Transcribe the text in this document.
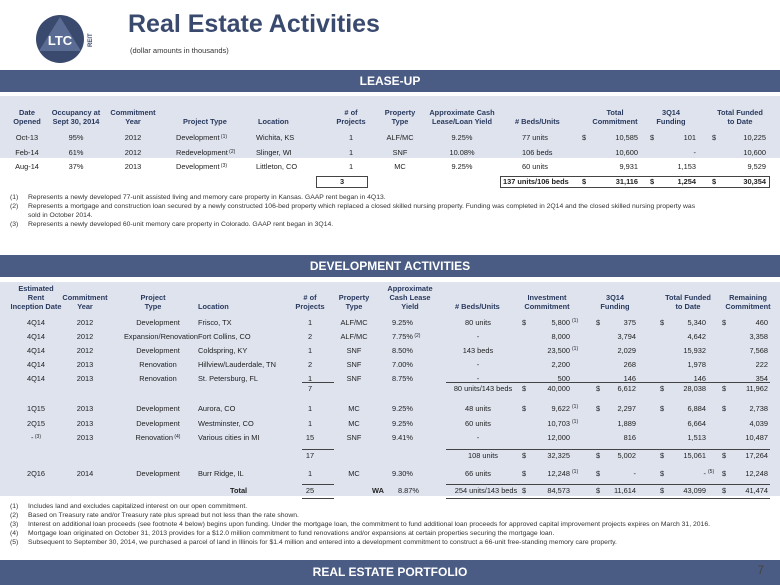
LTC	REIT
Real Estate Activities
(dollar amounts in thousands)
LEASE-UP
Date
Opened
Occupancy at
Sept 30, 2014
Commitment
Year	Project Type	Location
# of
Projects
Property
Type
Approximate Cash
Lease/Loan Yield	# Beds/Units
Total
Commitment
3Q14
Funding
Total Funded
to Date
Oct-13	95%	2012	Development $^{(1)}$	Wichita, KS	1	ALF/MC	9.25%	77 units	$	10,585 $	101 $	10,225
Feb-14	61%	2012	Redevelopment $^{(2)}$	Slinger, WI	1	SNF	10.08%	106 beds	10,600	-	10,600
Aug-14	37%	2013	Development $^{(3)}$	Littleton, CO	1	MC	9.25%	60 units	9,931	1,153	9,529
3	137 units/106 beds $	31,116 $	1,254 $	30,354
(1) Represents a newly developed 77-unit assisted living and memory care property in Kansas. GAAP rent began in 4Q13.
(2) Represents a mortgage and construction loan secured by a newly constructed 106-bed property which replaced a closed skilled nursing property. Funding was completed in 2Q14 and the closed skilled nursing property was
sold in October 2014.
(3) Represents a newly developed 60-unit memory care property in Colorado. GAAP rent began in 3Q14.
DEVELOPMENT ACTIVITIES
Estimated
Rent
Inception Date
Commitment
Year
Project
Type	Location
# of
Projects
Property
Type
Approximate
Cash Lease
Yield	# Beds/Units
Investment
Commitment
3Q14
Funding
Total Funded
to Date
Remaining
Commitment
4Q14	2012	Development	Frisco, TX	1	ALF/MC	9.25%	80 units	$	5,800 (1) $	375	$	5,340 $	460
4Q14	2012	Expansion/Renovation Fort Collins, CO	2	ALF/MC	7.75% $^{(2)}$	-	8,000	3,794	4,642	3,358
4Q14	2012	Development	Coldspring, KY	1	SNF	8.50%	143 beds	23,500 (1)	2,029	15,932	7,568
4Q14	2013	Renovation	Hillview/Lauderdale, TN	2	SNF	7.00%	-	2,200	268	1,978	222
4Q14	2013	Renovation	St. Petersburg, FL	1	SNF	8.75%	-	500	146	146	354
7	80 units/143 beds	$	40,000	$	6,612	$	28,038 $	11,962
1Q15	2013	Development	Aurora, CO	1	MC	9.25%	48 units	$	9,622 (1) $	2,297	$	6,884 $	2,738
2Q15	2013	Development	Westminster, CO	1	MC	9.25%	60 units	10,703 (1)	1,889	6,664	4,039
- $^{(3)}$	2013	Renovation $^{(4)}$	Various cities in MI	15	SNF	9.41%	-	12,000	816	1,513	10,487
17	108 units	$	32,325	$	5,002	$	15,061 $	17,264
2Q16	2014	Development	Burr Ridge, IL	1	MC	9.30%	66 units	$	12,248 (1) $	-	$	- (5) $	12,248
Total	25	WA 8.87%	254 units/143 beds $	84,573	$	11,614	$	43,099 $	41,474
(1) Includes land and excludes capitalized interest on our open commitment.
(2) Based on Treasury rate and/or Treasury rate plus spread but not less than the rate shown.
(3) Interest on additional loan proceeds (see footnote 4 below) begins upon funding. Under the mortgage loan, the commitment to fund additional loan proceeds for approved capital improvement projects expires on March 31, 2016.
(4) Mortgage loan originated on October 31, 2013 provides for a $12.0 million commitment to fund renovations and/or expansions at certain properties securing the mortgage loan.
(5) Subsequent to September 30, 2014, we purchased a parcel of land in Illinois for $1.4 million and entered into a development commitment to construct a 66-unit free-standing memory care property.
REAL ESTATE PORTFOLIO	7
